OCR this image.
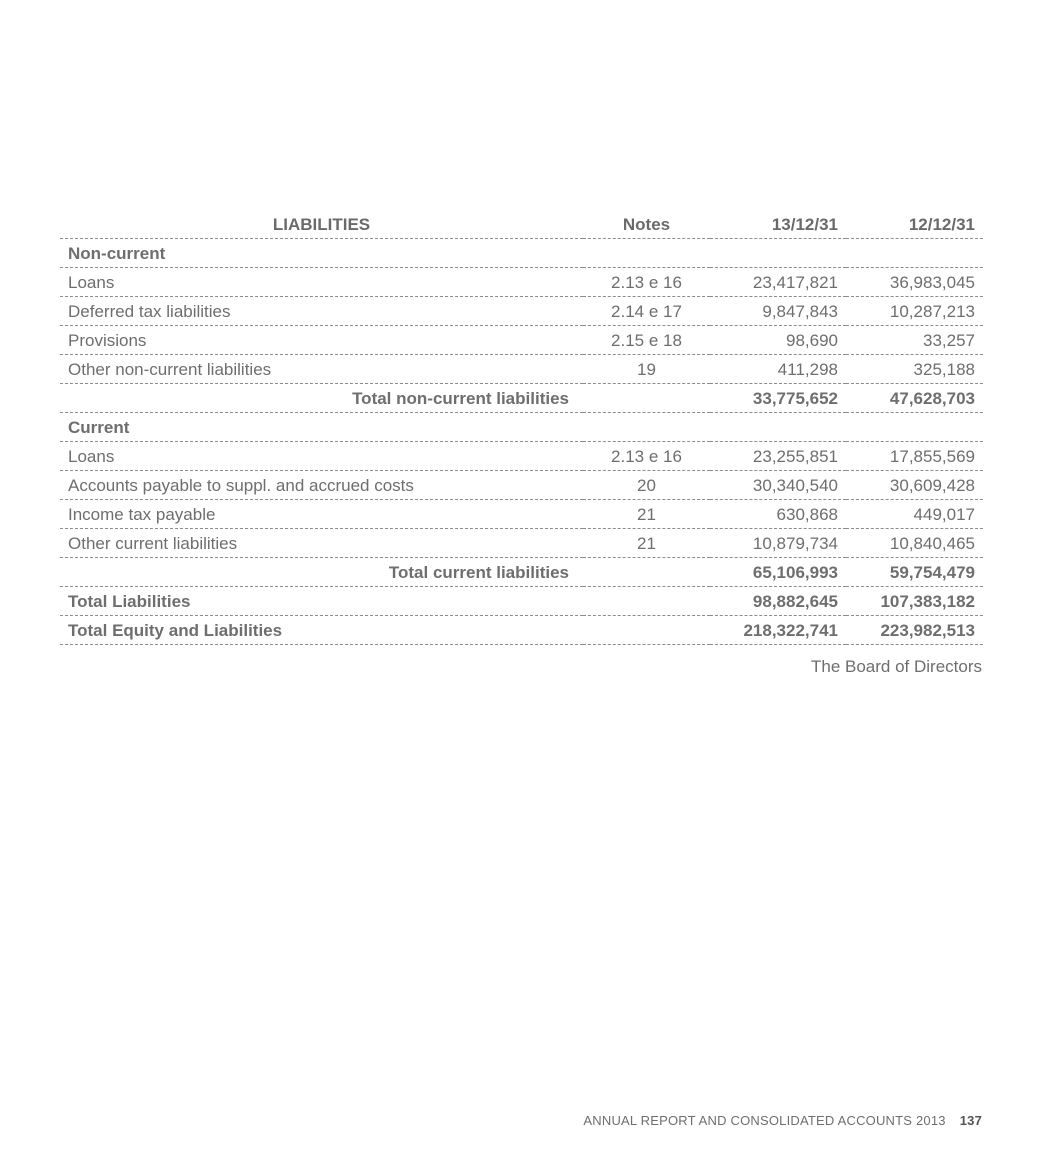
LIABILITIES	Notes	13/12/31	12/12/31
Non-current			
Loans	2.13 e 16	23,417,821	36,983,045
Deferred tax liabilities	2.14 e 17	9,847,843	10,287,213
Provisions	2.15 e 18	98,690	33,257
Other non-current liabilities	19	411,298	325,188
Total non-current liabilities		33,775,652	47,628,703
Current			
Loans	2.13 e 16	23,255,851	17,855,569
Accounts payable to suppl. and accrued costs	20	30,340,540	30,609,428
Income tax payable	21	630,868	449,017
Other current liabilities	21	10,879,734	10,840,465
Total current liabilities		65,106,993	59,754,479
Total Liabilities		98,882,645	107,383,182
Total Equity and Liabilities		218,322,741	223,982,513
The Board of Directors
ANNUAL REPORT AND CONSOLIDATED ACCOUNTS 2013 137
